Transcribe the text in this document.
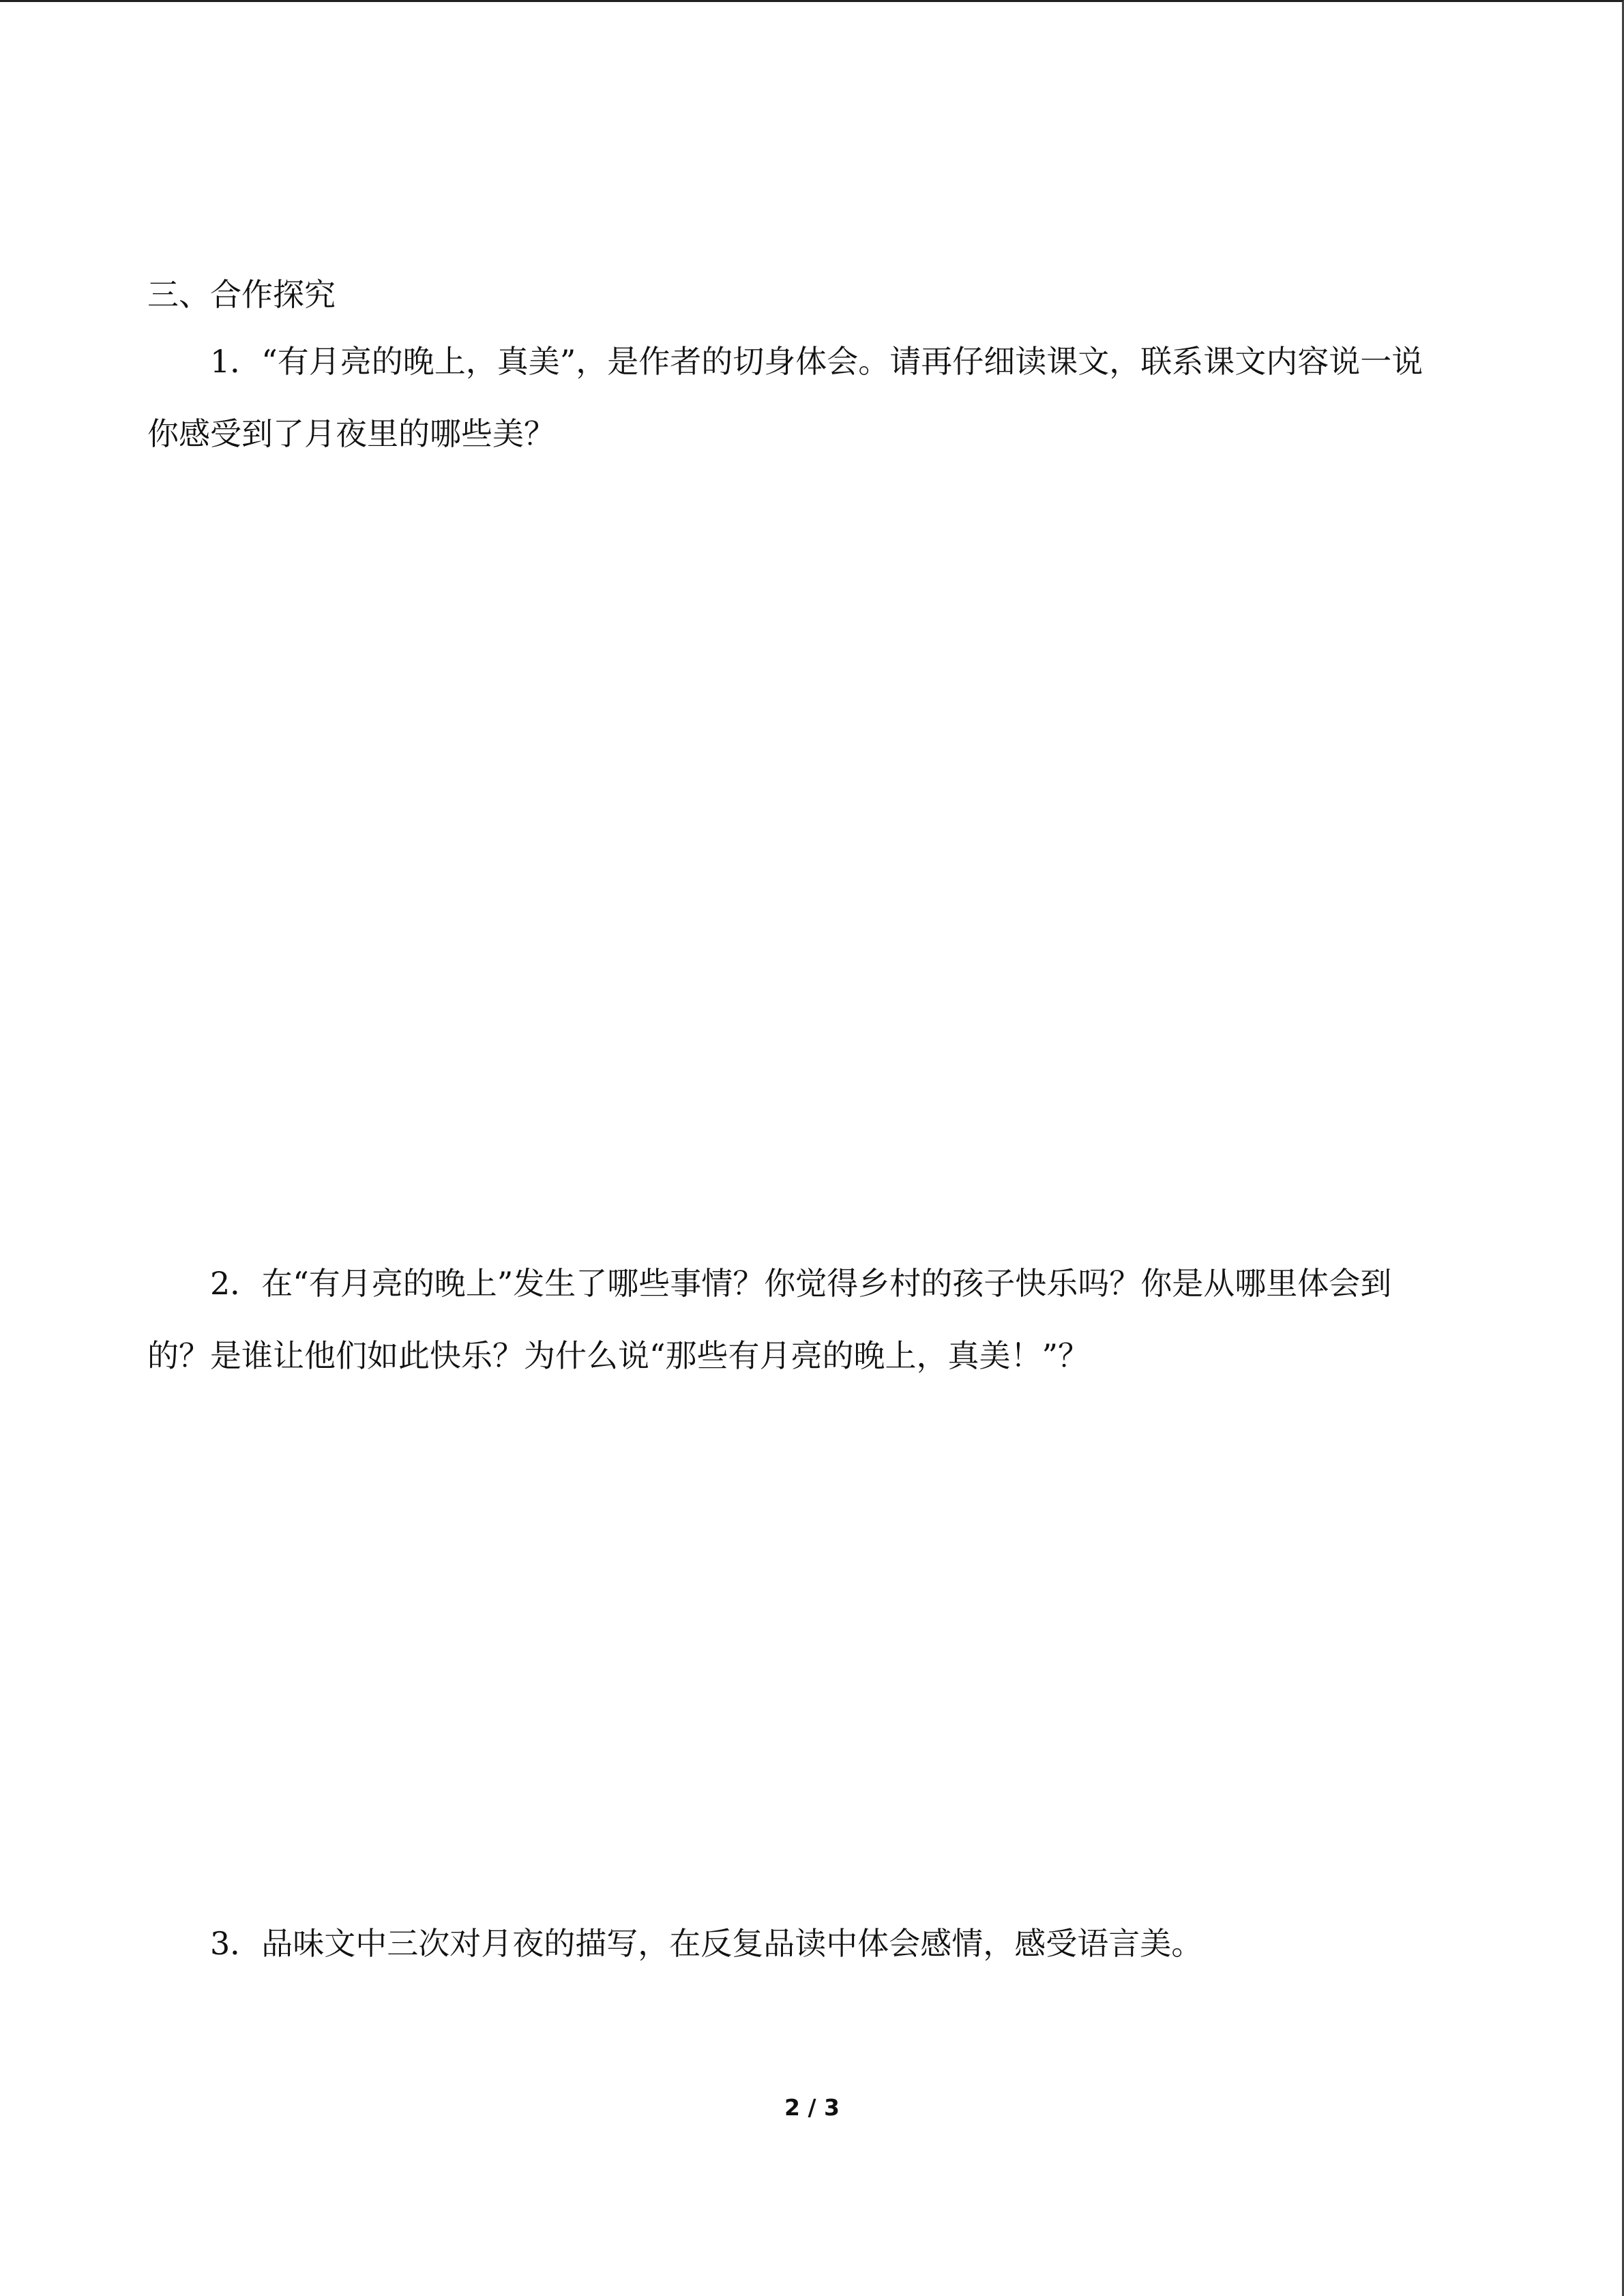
三、合作探究
1．“有月亮的晚上，真美”，是作者的切身体会。请再仔细读课文，联系课文内容说一说
你感受到了月夜里的哪些美？
2．在“有月亮的晚上”发生了哪些事情？你觉得乡村的孩子快乐吗？你是从哪里体会到
的？是谁让他们如此快乐？为什么说“那些有月亮的晚上，真美！”？
3．品味文中三次对月夜的描写，在反复品读中体会感情，感受语言美。
2 / 3
